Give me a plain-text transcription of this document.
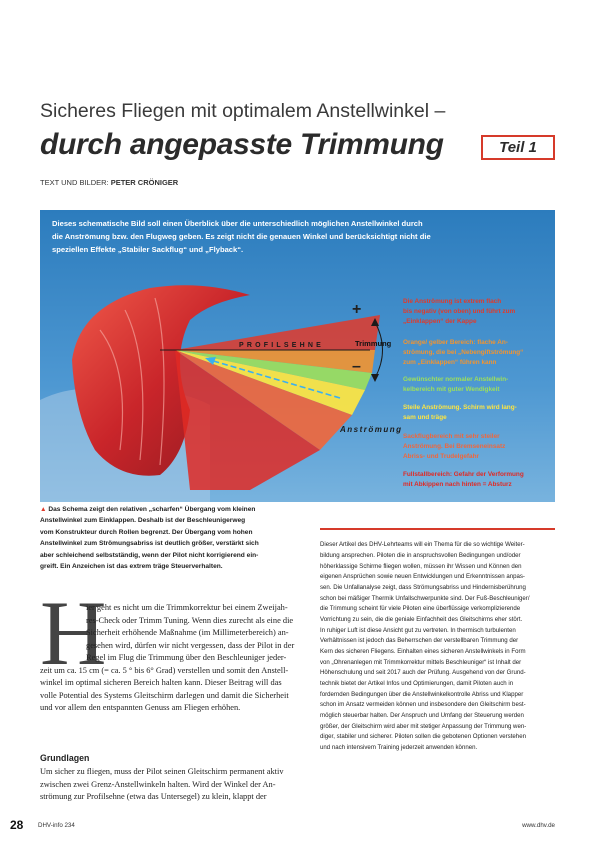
Sicheres Fliegen mit optimalem Anstellwinkel –
durch angepasste Trimmung	Teil 1
TEXT UND BILDER: PETER CRÖNIGER
Dieses schematische Bild soll einen Überblick über die unterschiedlich möglichen Anstellwinkel durch
die Anströmung bzw. den Flugweg geben. Es zeigt nicht die genauen Winkel und berücksichtigt nicht die
speziellen Effekte „Stabiler Sackflug“ und „Flyback“.
PROFILSEHNE
Anströmung
Trimmung
+
–
Die Anströmung ist extrem flach
bis negativ (von oben) und führt zum
„Einklappen“ der Kappe
Orange/ gelber Bereich: flache An-
strömung, die bei „Nebengiftströmung“
zum „Einklappen“ führen kann
Gewünschter normaler Anstellwin-
kelbereich mit guter Wendigkeit
Steile Anströmung. Schirm wird lang-
sam und träge
Sackflugbereich mit sehr steiler
Anströmung. Bei Bremseneinsatz
Abriss- und Trudelgefahr
Fullstallbereich: Gefahr der Verformung
mit Abkippen nach hinten = Absturz
▲ Das Schema zeigt den relativen „scharfen“ Übergang vom kleinen
Anstellwinkel zum Einklappen. Deshalb ist der Beschleunigerweg
vom Konstrukteur durch Rollen begrenzt. Der Übergang vom hohen
Anstellwinkel zum Strömungsabriss ist deutlich größer, verstärkt sich
aber schleichend selbstständig, wenn der Pilot nicht korrigierend ein-
greift. Ein Anzeichen ist das extrem träge Steuerverhalten.
H
ier geht es nicht um die Trimmkorrektur bei einem Zweijah-
res-Check oder Trimm Tuning. Wenn dies zurecht als eine die
Sicherheit erhöhende Maßnahme (im Millimeterbereich) an-
gesehen wird, dürfen wir nicht vergessen, dass der Pilot in der
Regel im Flug die Trimmung über den Beschleuniger jeder-
zeit um ca. 15 cm (= ca. 5 ° bis 6° Grad) verstellen und somit den Anstell-
winkel im optimal sicheren Bereich halten kann. Dieser Beitrag will das
volle Potential des Systems Gleitschirm darlegen und damit die Sicherheit
und vor allem den entspannten Genuss am Fliegen erhöhen.
Grundlagen
Um sicher zu fliegen, muss der Pilot seinen Gleitschirm permanent aktiv
zwischen zwei Grenz-Anstellwinkeln halten. Wird der Winkel der An-
strömung zur Profilsehne (etwa das Untersegel) zu klein, klappt der
Dieser Artikel des DHV-Lehrteams will ein Thema für die so wichtige Weiter-
bildung ansprechen. Piloten die in anspruchsvollen Bedingungen und/oder
höherklassige Schirme fliegen wollen, müssen ihr Wissen und Können den
eigenen Ansprüchen sowie neuen Entwicklungen und Erkenntnissen anpas-
sen. Die Unfallanalyse zeigt, dass Strömungsabriss und Hindernisberührung
schon bei mäßiger Thermik Unfallschwerpunkte sind. Der Fuß-Beschleuniger/
die Trimmung scheint für viele Piloten eine überflüssige verkomplizierende
Vorrichtung zu sein, die die geniale Einfachheit des Gleitschirms eher stört.
In ruhiger Luft ist diese Ansicht gut zu vertreten. In thermisch turbulenten
Verhältnissen ist jedoch das Beherrschen der verstellbaren Trimmung der
Kern des sicheren Fliegens. Einhalten eines sicheren Anstellwinkels in Form
von „Ohrenanlegen mit Trimmkorrektur mittels Beschleuniger“ ist Inhalt der
Höhenschulung und seit 2017 auch der Prüfung. Ausgehend von der Grund-
technik bietet der Artikel Infos und Optimierungen, damit Piloten auch in
fordernden Bedingungen über die Anstellwinkelkontrolle Abriss und Klapper
schon im Ansatz vermeiden können und insbesondere den Gleitschirm best-
möglich steuerbar halten. Der Anspruch und Umfang der Steuerung werden
größer, der Gleitschirm wird aber mit stetiger Anpassung der Trimmung wen-
diger, stabiler und sicherer. Piloten sollen die gebotenen Optionen verstehen
und nach intensivem Training jederzeit anwenden können.
28 DHV-info 234	www.dhv.de
